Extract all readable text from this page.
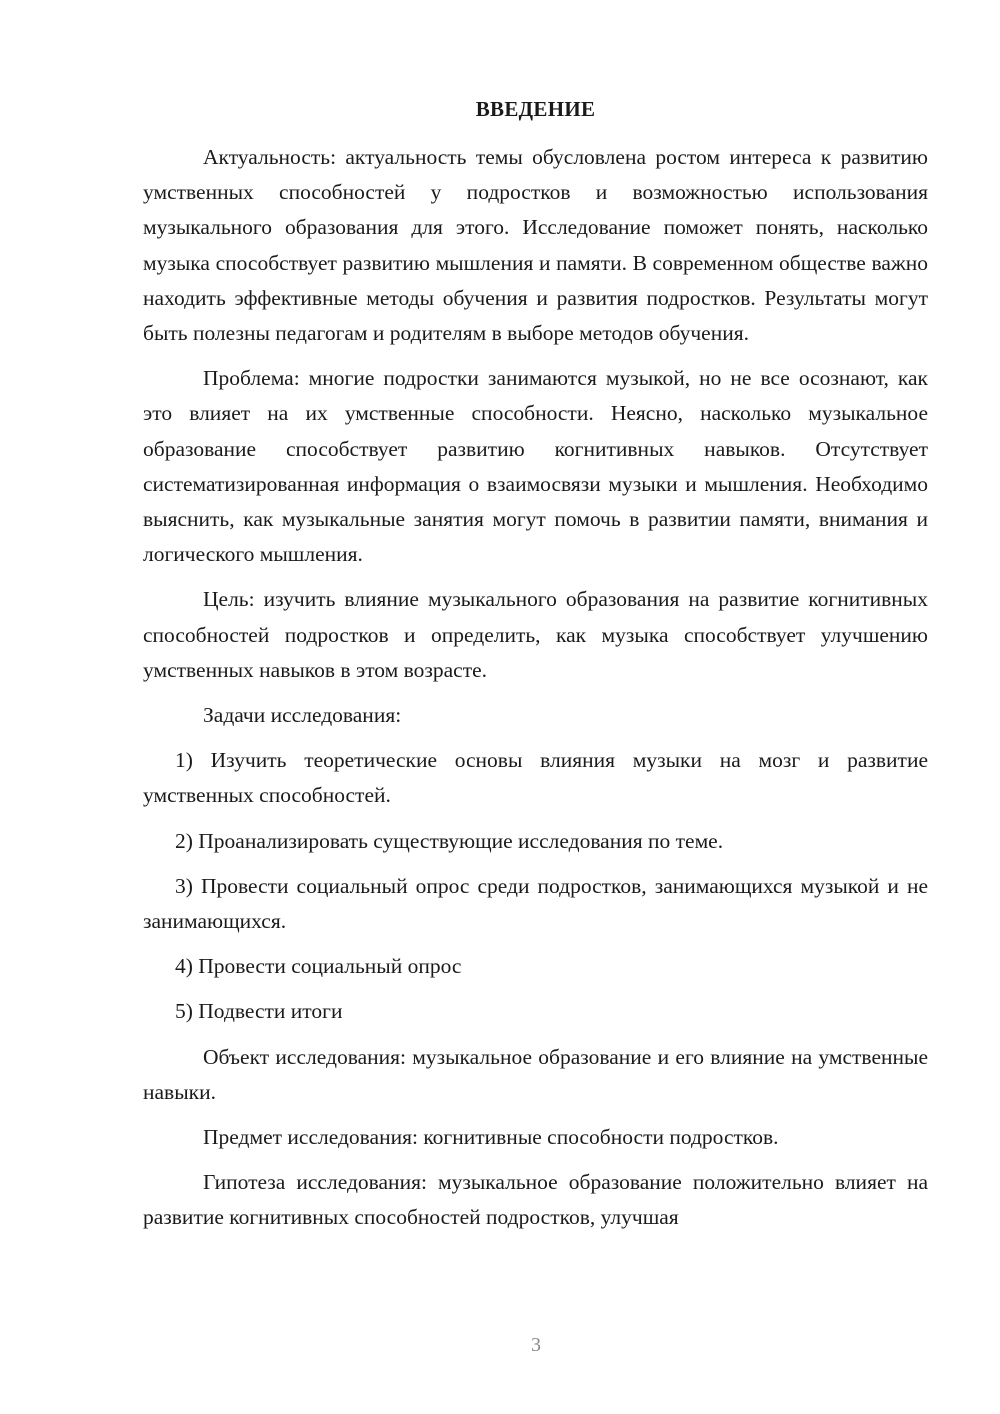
ВВЕДЕНИЕ

Актуальность: актуальность темы обусловлена ростом интереса к развитию умственных способностей у подростков и возможностью использования музыкального образования для этого. Исследование поможет понять, насколько музыка способствует развитию мышления и памяти. В современном обществе важно находить эффективные методы обучения и развития подростков. Результаты могут быть полезны педагогам и родителям в выборе методов обучения.

Проблема: многие подростки занимаются музыкой, но не все осознают, как это влияет на их умственные способности. Неясно, насколько музыкальное образование способствует развитию когнитивных навыков. Отсутствует систематизированная информация о взаимосвязи музыки и мышления. Необходимо выяснить, как музыкальные занятия могут помочь в развитии памяти, внимания и логического мышления.

Цель: изучить влияние музыкального образования на развитие когнитивных способностей подростков и определить, как музыка способствует улучшению умственных навыков в этом возрасте.

Задачи исследования:

1) Изучить теоретические основы влияния музыки на мозг и развитие умственных способностей.

2) Проанализировать существующие исследования по теме.

3) Провести социальный опрос среди подростков, занимающихся музыкой и не занимающихся.

4) Провести социальный опрос

5) Подвести итоги

Объект исследования: музыкальное образование и его влияние на умственные навыки.

Предмет исследования: когнитивные способности подростков.

Гипотеза исследования: музыкальное образование положительно влияет на развитие когнитивных способностей подростков, улучшая

3
